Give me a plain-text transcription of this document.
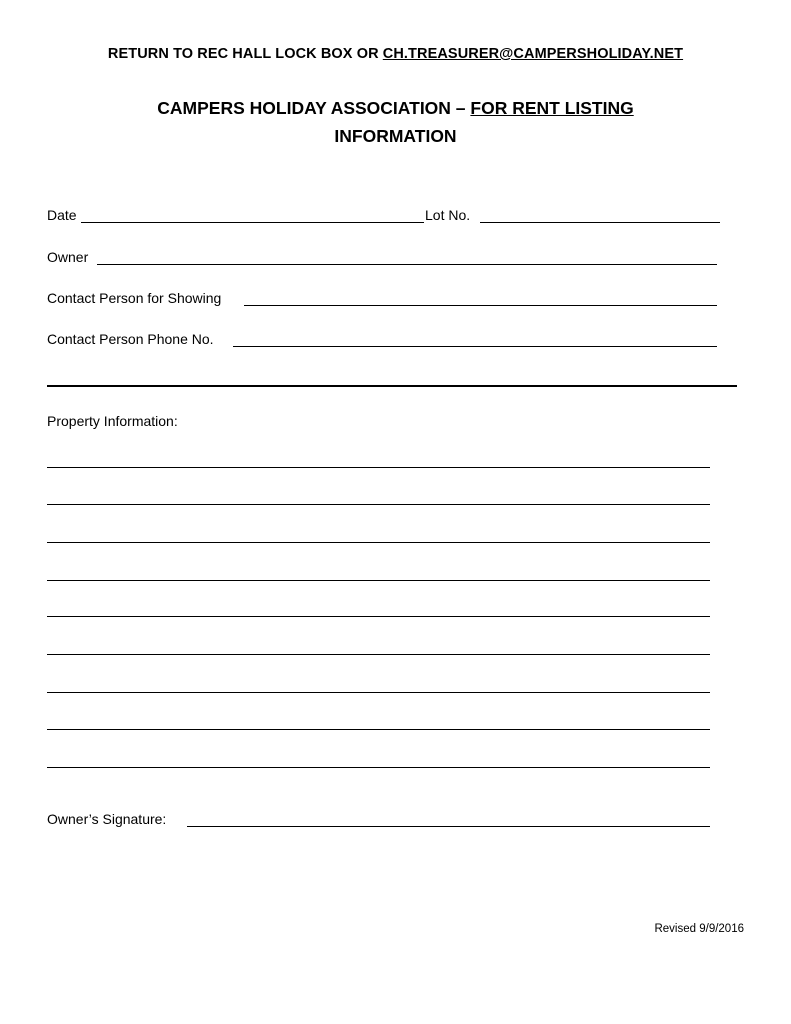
RETURN TO REC HALL LOCK BOX OR CH.TREASURER@CAMPERSHOLIDAY.NET
CAMPERS HOLIDAY ASSOCIATION – FOR RENT LISTING
INFORMATION
Date	Lot No.
Owner
Contact Person for Showing
Contact Person Phone No.
Property Information:
Owner’s Signature:
Revised 9/9/2016
